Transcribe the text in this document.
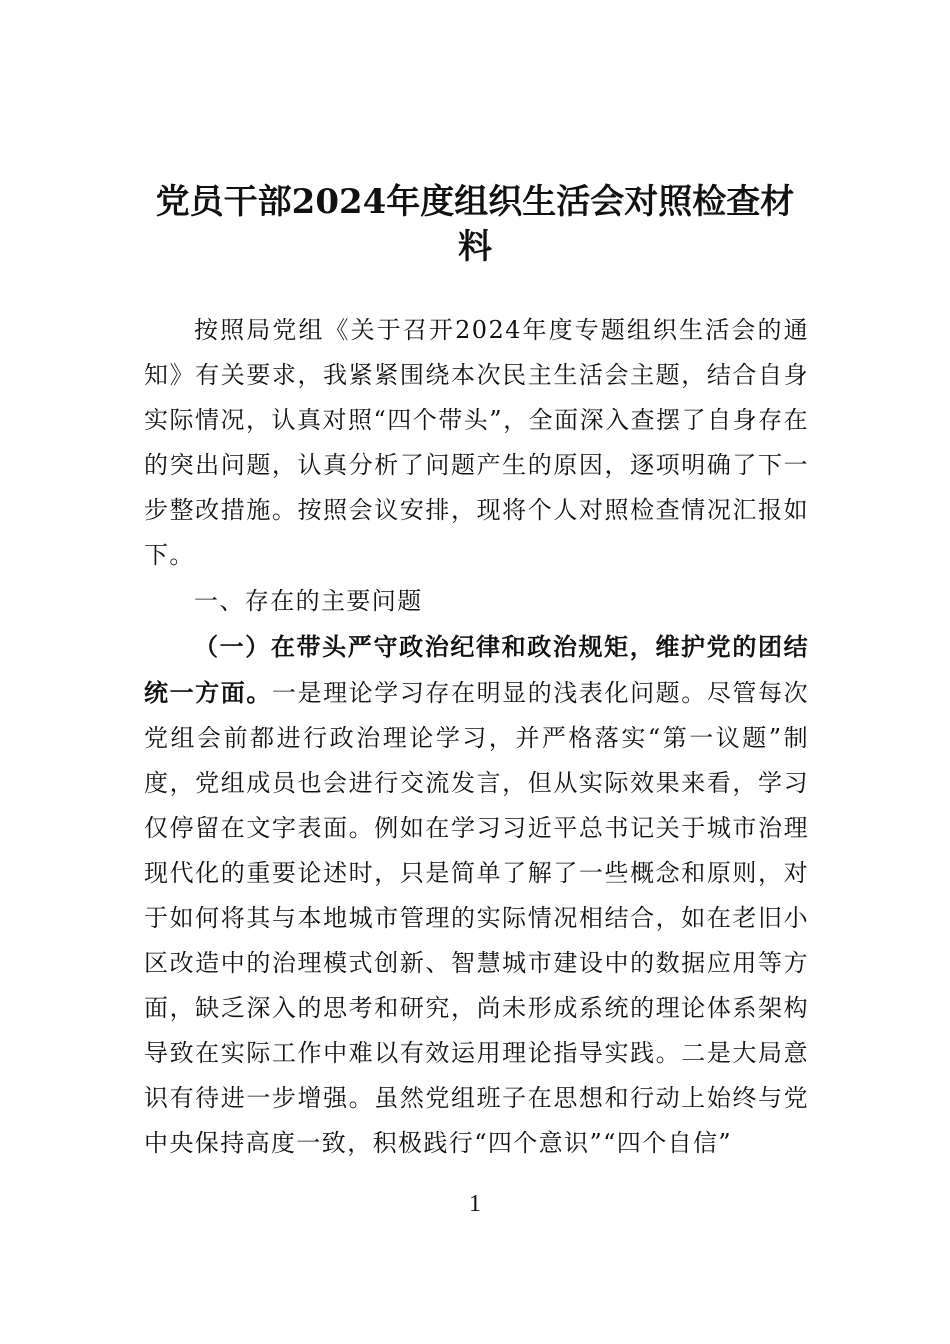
党员干部2024年度组织生活会对照检查材
料

按照局党组《关于召开2024年度专题组织生活会的通知》有关要求，我紧紧围绕本次民主生活会主题，结合自身实际情况，认真对照“四个带头”，全面深入查摆了自身存在的突出问题，认真分析了问题产生的原因，逐项明确了下一步整改措施。按照会议安排，现将个人对照检查情况汇报如下。

一、存在的主要问题

（一）在带头严守政治纪律和政治规矩，维护党的团结统一方面。一是理论学习存在明显的浅表化问题。尽管每次党组会前都进行政治理论学习，并严格落实“第一议题”制度，党组成员也会进行交流发言，但从实际效果来看，学习仅停留在文字表面。例如在学习习近平总书记关于城市治理现代化的重要论述时，只是简单了解了一些概念和原则，对于如何将其与本地城市管理的实际情况相结合，如在老旧小区改造中的治理模式创新、智慧城市建设中的数据应用等方面，缺乏深入的思考和研究，尚未形成系统的理论体系架构导致在实际工作中难以有效运用理论指导实践。二是大局意识有待进一步增强。虽然党组班子在思想和行动上始终与党中央保持高度一致，积极践行“四个意识”“四个自信”

1
